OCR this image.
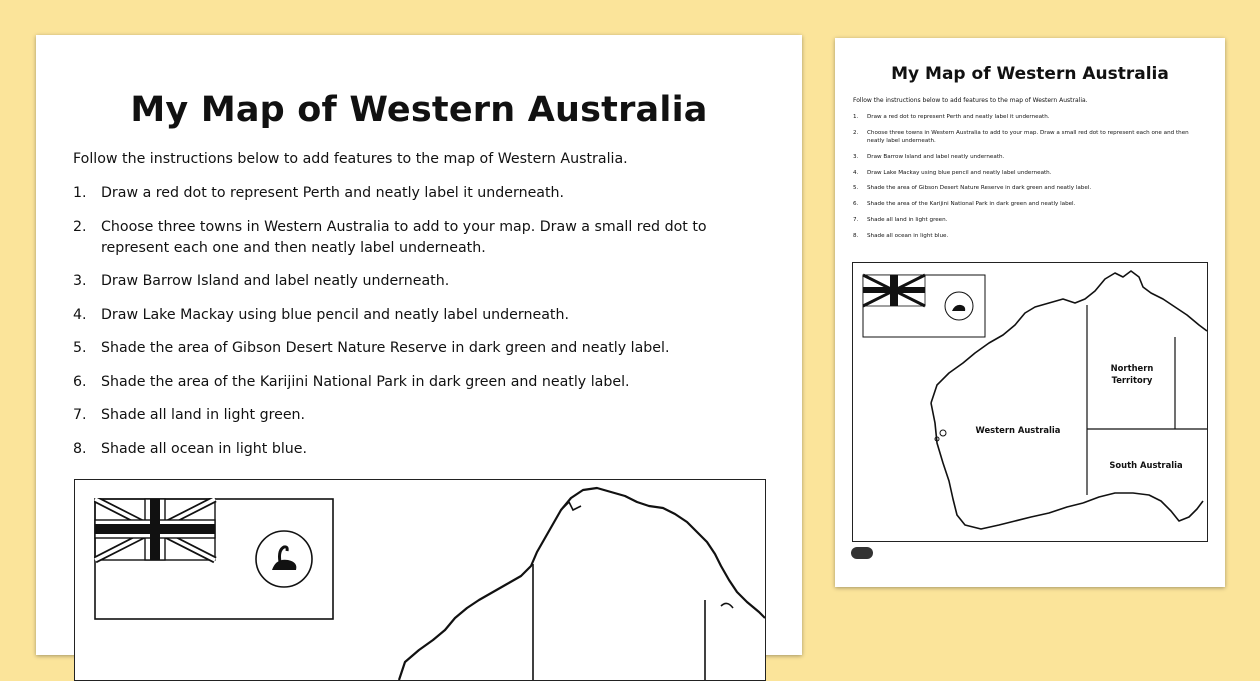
My Map of Western Australia
Follow the instructions below to add features to the map of Western Australia.
1. Draw a red dot to represent Perth and neatly label it underneath.
2. Choose three towns in Western Australia to add to your map. Draw a small red dot to represent each one and then neatly label underneath.
3. Draw Barrow Island and label neatly underneath.
4. Draw Lake Mackay using blue pencil and neatly label underneath.
5. Shade the area of Gibson Desert Nature Reserve in dark green and neatly label.
6. Shade the area of the Karijini National Park in dark green and neatly label.
7. Shade all land in light green.
8. Shade all ocean in light blue.
My Map of Western Australia
Follow the instructions below to add features to the map of Western Australia.
1. Draw a red dot to represent Perth and neatly label it underneath.
2. Choose three towns in Western Australia to add to your map. Draw a small red dot to represent each one and then neatly label underneath.
3. Draw Barrow Island and label neatly underneath.
4. Draw Lake Mackay using blue pencil and neatly label underneath.
5. Shade the area of Gibson Desert Nature Reserve in dark green and neatly label.
6. Shade the area of the Karijini National Park in dark green and neatly label.
7. Shade all land in light green.
8. Shade all ocean in light blue.
Western Australia
Northern
Territory
South Australia
